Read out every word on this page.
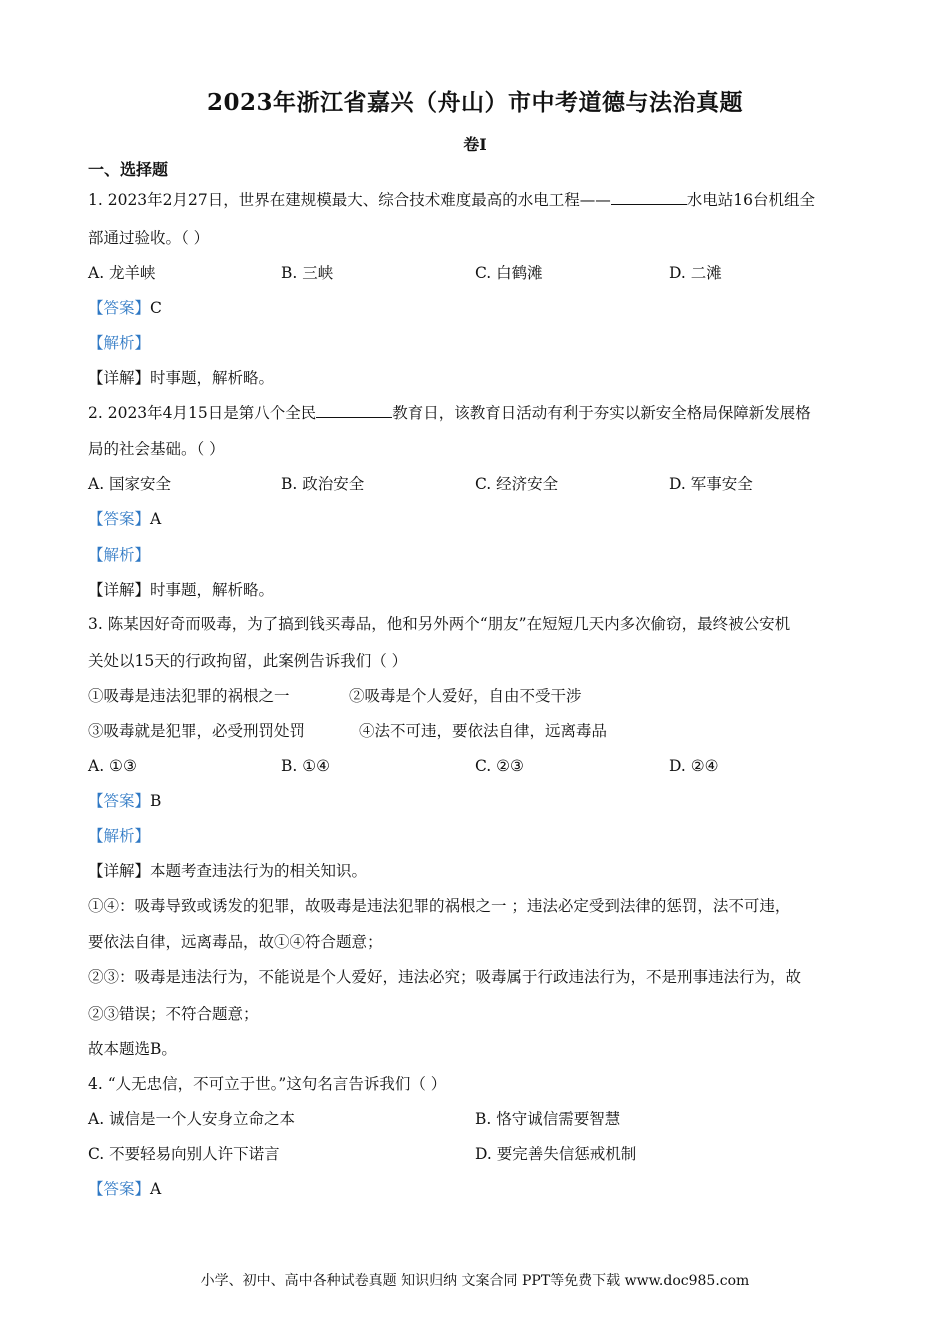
2023年浙江省嘉兴（舟山）市中考道德与法治真题
卷I
一、选择题
1. 2023年2月27日，世界在建规模最大、综合技术难度最高的水电工程——	水电站16台机组全
部通过验收。（ ）
A. 龙羊峡	B. 三峡	C. 白鹤滩	D. 二滩
【答案】C
【解析】
【详解】时事题，解析略。
2. 2023年4月15日是第八个全民	教育日，该教育日活动有利于夯实以新安全格局保障新发展格
局的社会基础。（ ）
A. 国家安全	B. 政治安全	C. 经济安全	D. 军事安全
【答案】A
【解析】
【详解】时事题，解析略。
3. 陈某因好奇而吸毒，为了搞到钱买毒品，他和另外两个“朋友”在短短几天内多次偷窃，最终被公安机
关处以15天的行政拘留，此案例告诉我们（ ）
①吸毒是违法犯罪的祸根之一	②吸毒是个人爱好，自由不受干涉
③吸毒就是犯罪，必受刑罚处罚	④法不可违，要依法自律，远离毒品
A. ①③	B. ①④	C. ②③	D. ②④
【答案】B
【解析】
【详解】本题考查违法行为的相关知识。
①④：吸毒导致或诱发的犯罪，故吸毒是违法犯罪的祸根之一 ；违法必定受到法律的惩罚，法不可违，
要依法自律，远离毒品，故①④符合题意；
②③：吸毒是违法行为，不能说是个人爱好，违法必究；吸毒属于行政违法行为，不是刑事违法行为，故
②③错误；不符合题意；
故本题选B。
4. “人无忠信，不可立于世。”这句名言告诉我们（ ）
A. 诚信是一个人安身立命之本	B. 恪守诚信需要智慧
C. 不要轻易向别人许下诺言	D. 要完善失信惩戒机制
【答案】A
小学、初中、高中各种试卷真题 知识归纳 文案合同 PPT等免费下载 www.doc985.com
